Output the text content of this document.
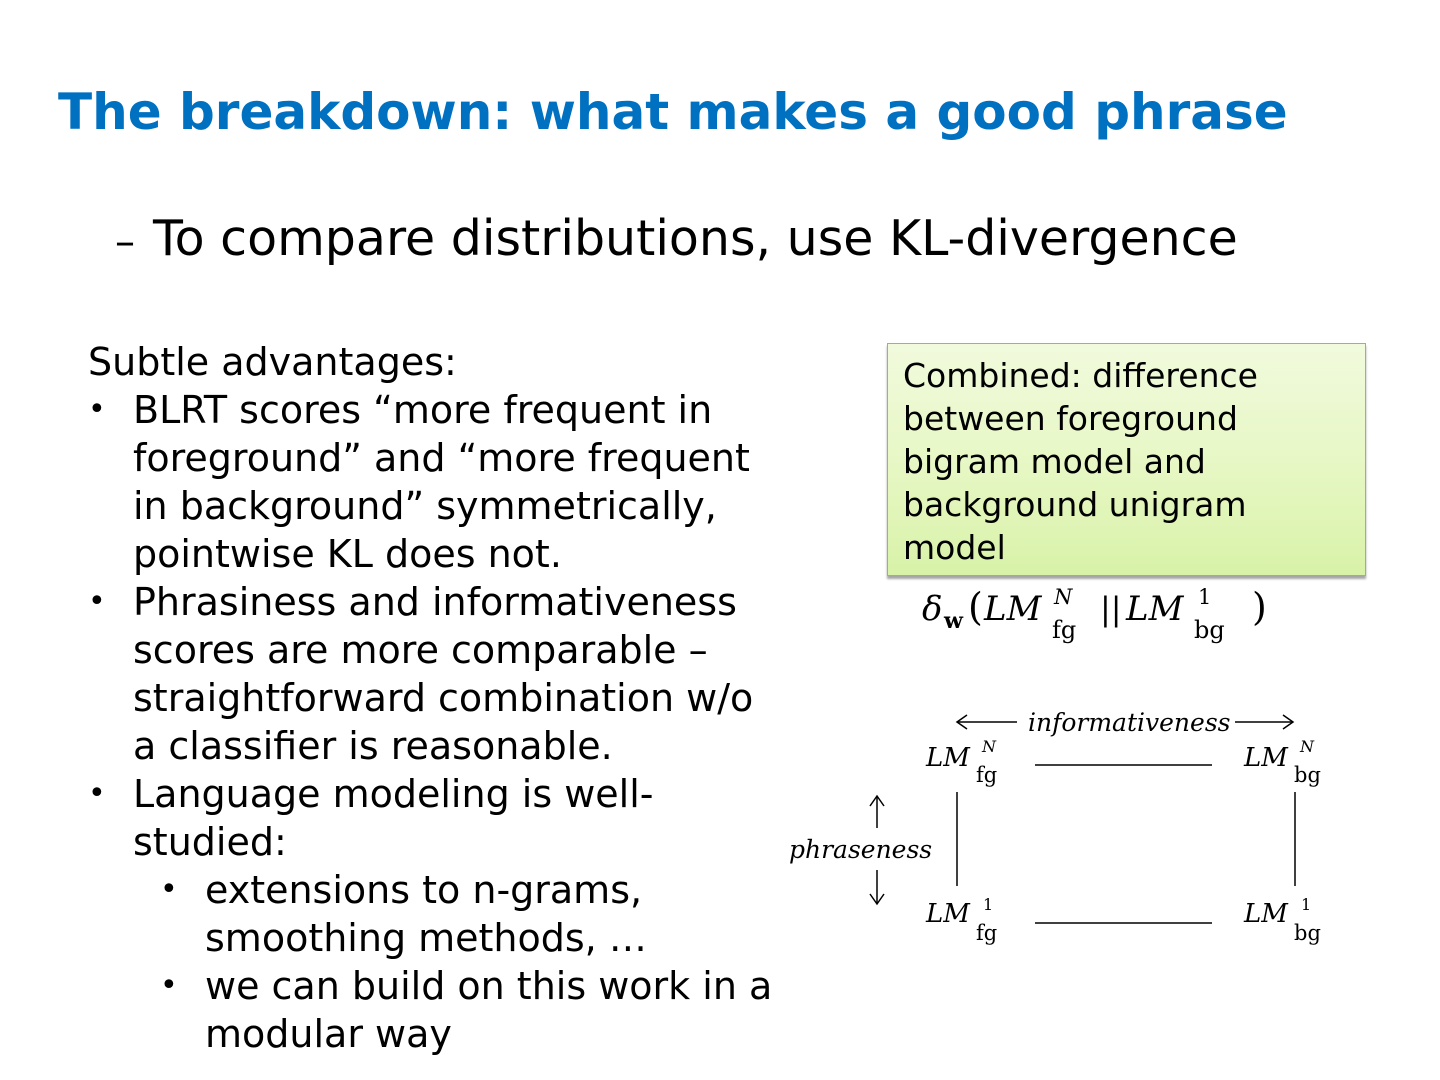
The breakdown: what makes a good phrase
– To compare distributions, use KL-divergence
Subtle advantages:
• BLRT scores “more frequent in foreground” and “more frequent in background” symmetrically, pointwise KL does not.
• Phrasiness and informativeness scores are more comparable – straightforward combination w/o a classifier is reasonable.
• Language modeling is well-studied:
• extensions to n-grams, smoothing methods, …
• we can build on this work in a modular way
Combined: difference between foreground bigram model and background unigram model
δ w ( LM N
fg
|| LM 1
bg
)
informativeness
LM N
fg
LM N
bg
phraseness
LM 1
fg
LM 1
bg
